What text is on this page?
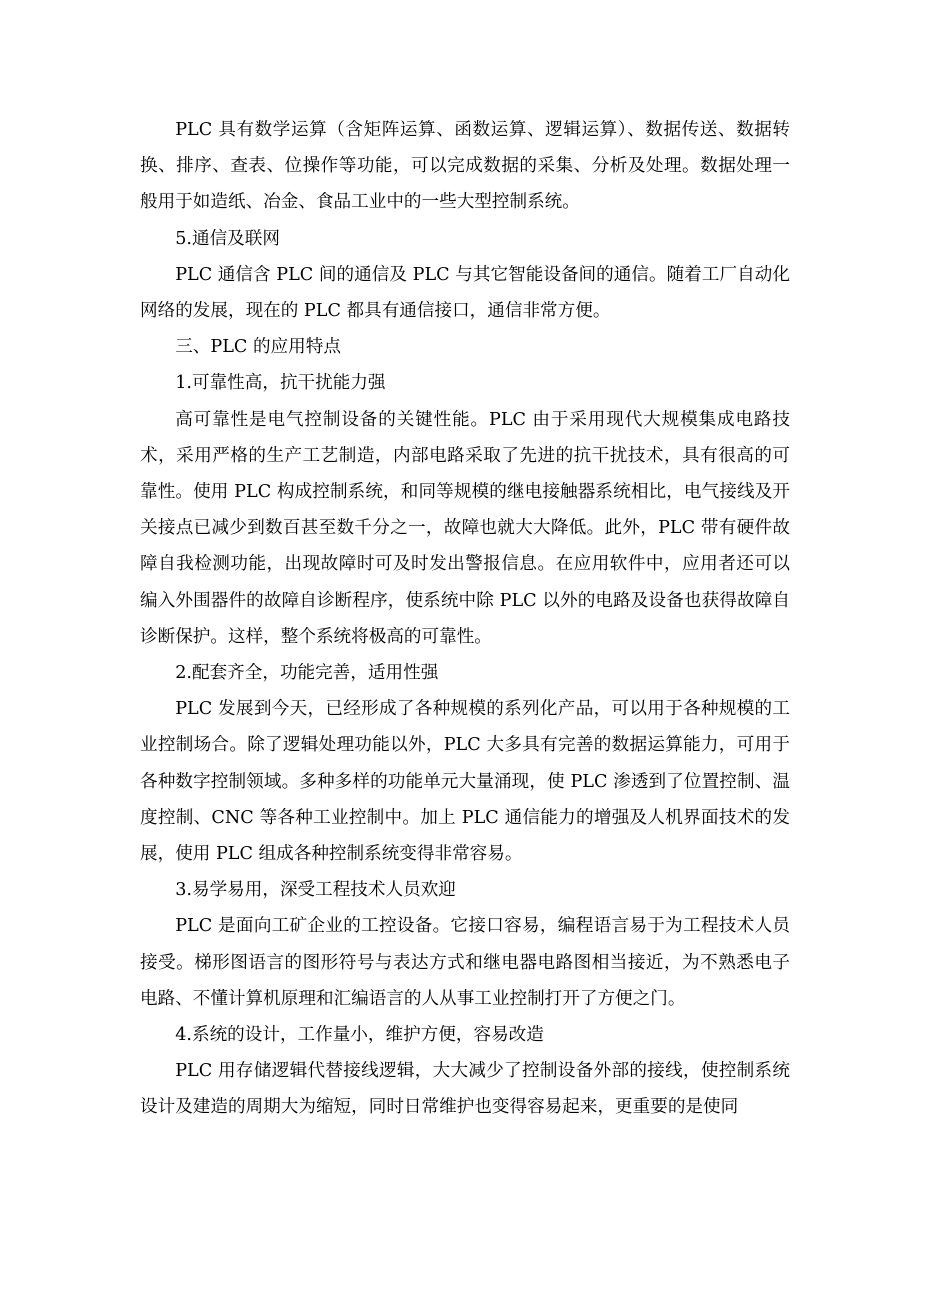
PLC 具有数学运算（含矩阵运算、函数运算、逻辑运算）、数据传送、数据转换、排序、查表、位操作等功能，可以完成数据的采集、分析及处理。数据处理一般用于如造纸、冶金、食品工业中的一些大型控制系统。

5.通信及联网

PLC 通信含 PLC 间的通信及 PLC 与其它智能设备间的通信。随着工厂自动化网络的发展，现在的 PLC 都具有通信接口，通信非常方便。

三、PLC 的应用特点

1.可靠性高，抗干扰能力强

高可靠性是电气控制设备的关键性能。PLC 由于采用现代大规模集成电路技术，采用严格的生产工艺制造，内部电路采取了先进的抗干扰技术，具有很高的可靠性。使用 PLC 构成控制系统，和同等规模的继电接触器系统相比，电气接线及开关接点已减少到数百甚至数千分之一，故障也就大大降低。此外，PLC 带有硬件故障自我检测功能，出现故障时可及时发出警报信息。在应用软件中，应用者还可以编入外围器件的故障自诊断程序，使系统中除 PLC 以外的电路及设备也获得故障自诊断保护。这样，整个系统将极高的可靠性。

2.配套齐全，功能完善，适用性强

PLC 发展到今天，已经形成了各种规模的系列化产品，可以用于各种规模的工业控制场合。除了逻辑处理功能以外，PLC 大多具有完善的数据运算能力，可用于各种数字控制领域。多种多样的功能单元大量涌现，使 PLC 渗透到了位置控制、温度控制、CNC 等各种工业控制中。加上 PLC 通信能力的增强及人机界面技术的发展，使用 PLC 组成各种控制系统变得非常容易。

3.易学易用，深受工程技术人员欢迎

PLC 是面向工矿企业的工控设备。它接口容易，编程语言易于为工程技术人员接受。梯形图语言的图形符号与表达方式和继电器电路图相当接近，为不熟悉电子电路、不懂计算机原理和汇编语言的人从事工业控制打开了方便之门。

4.系统的设计，工作量小，维护方便，容易改造

PLC 用存储逻辑代替接线逻辑，大大减少了控制设备外部的接线，使控制系统设计及建造的周期大为缩短，同时日常维护也变得容易起来，更重要的是使同
